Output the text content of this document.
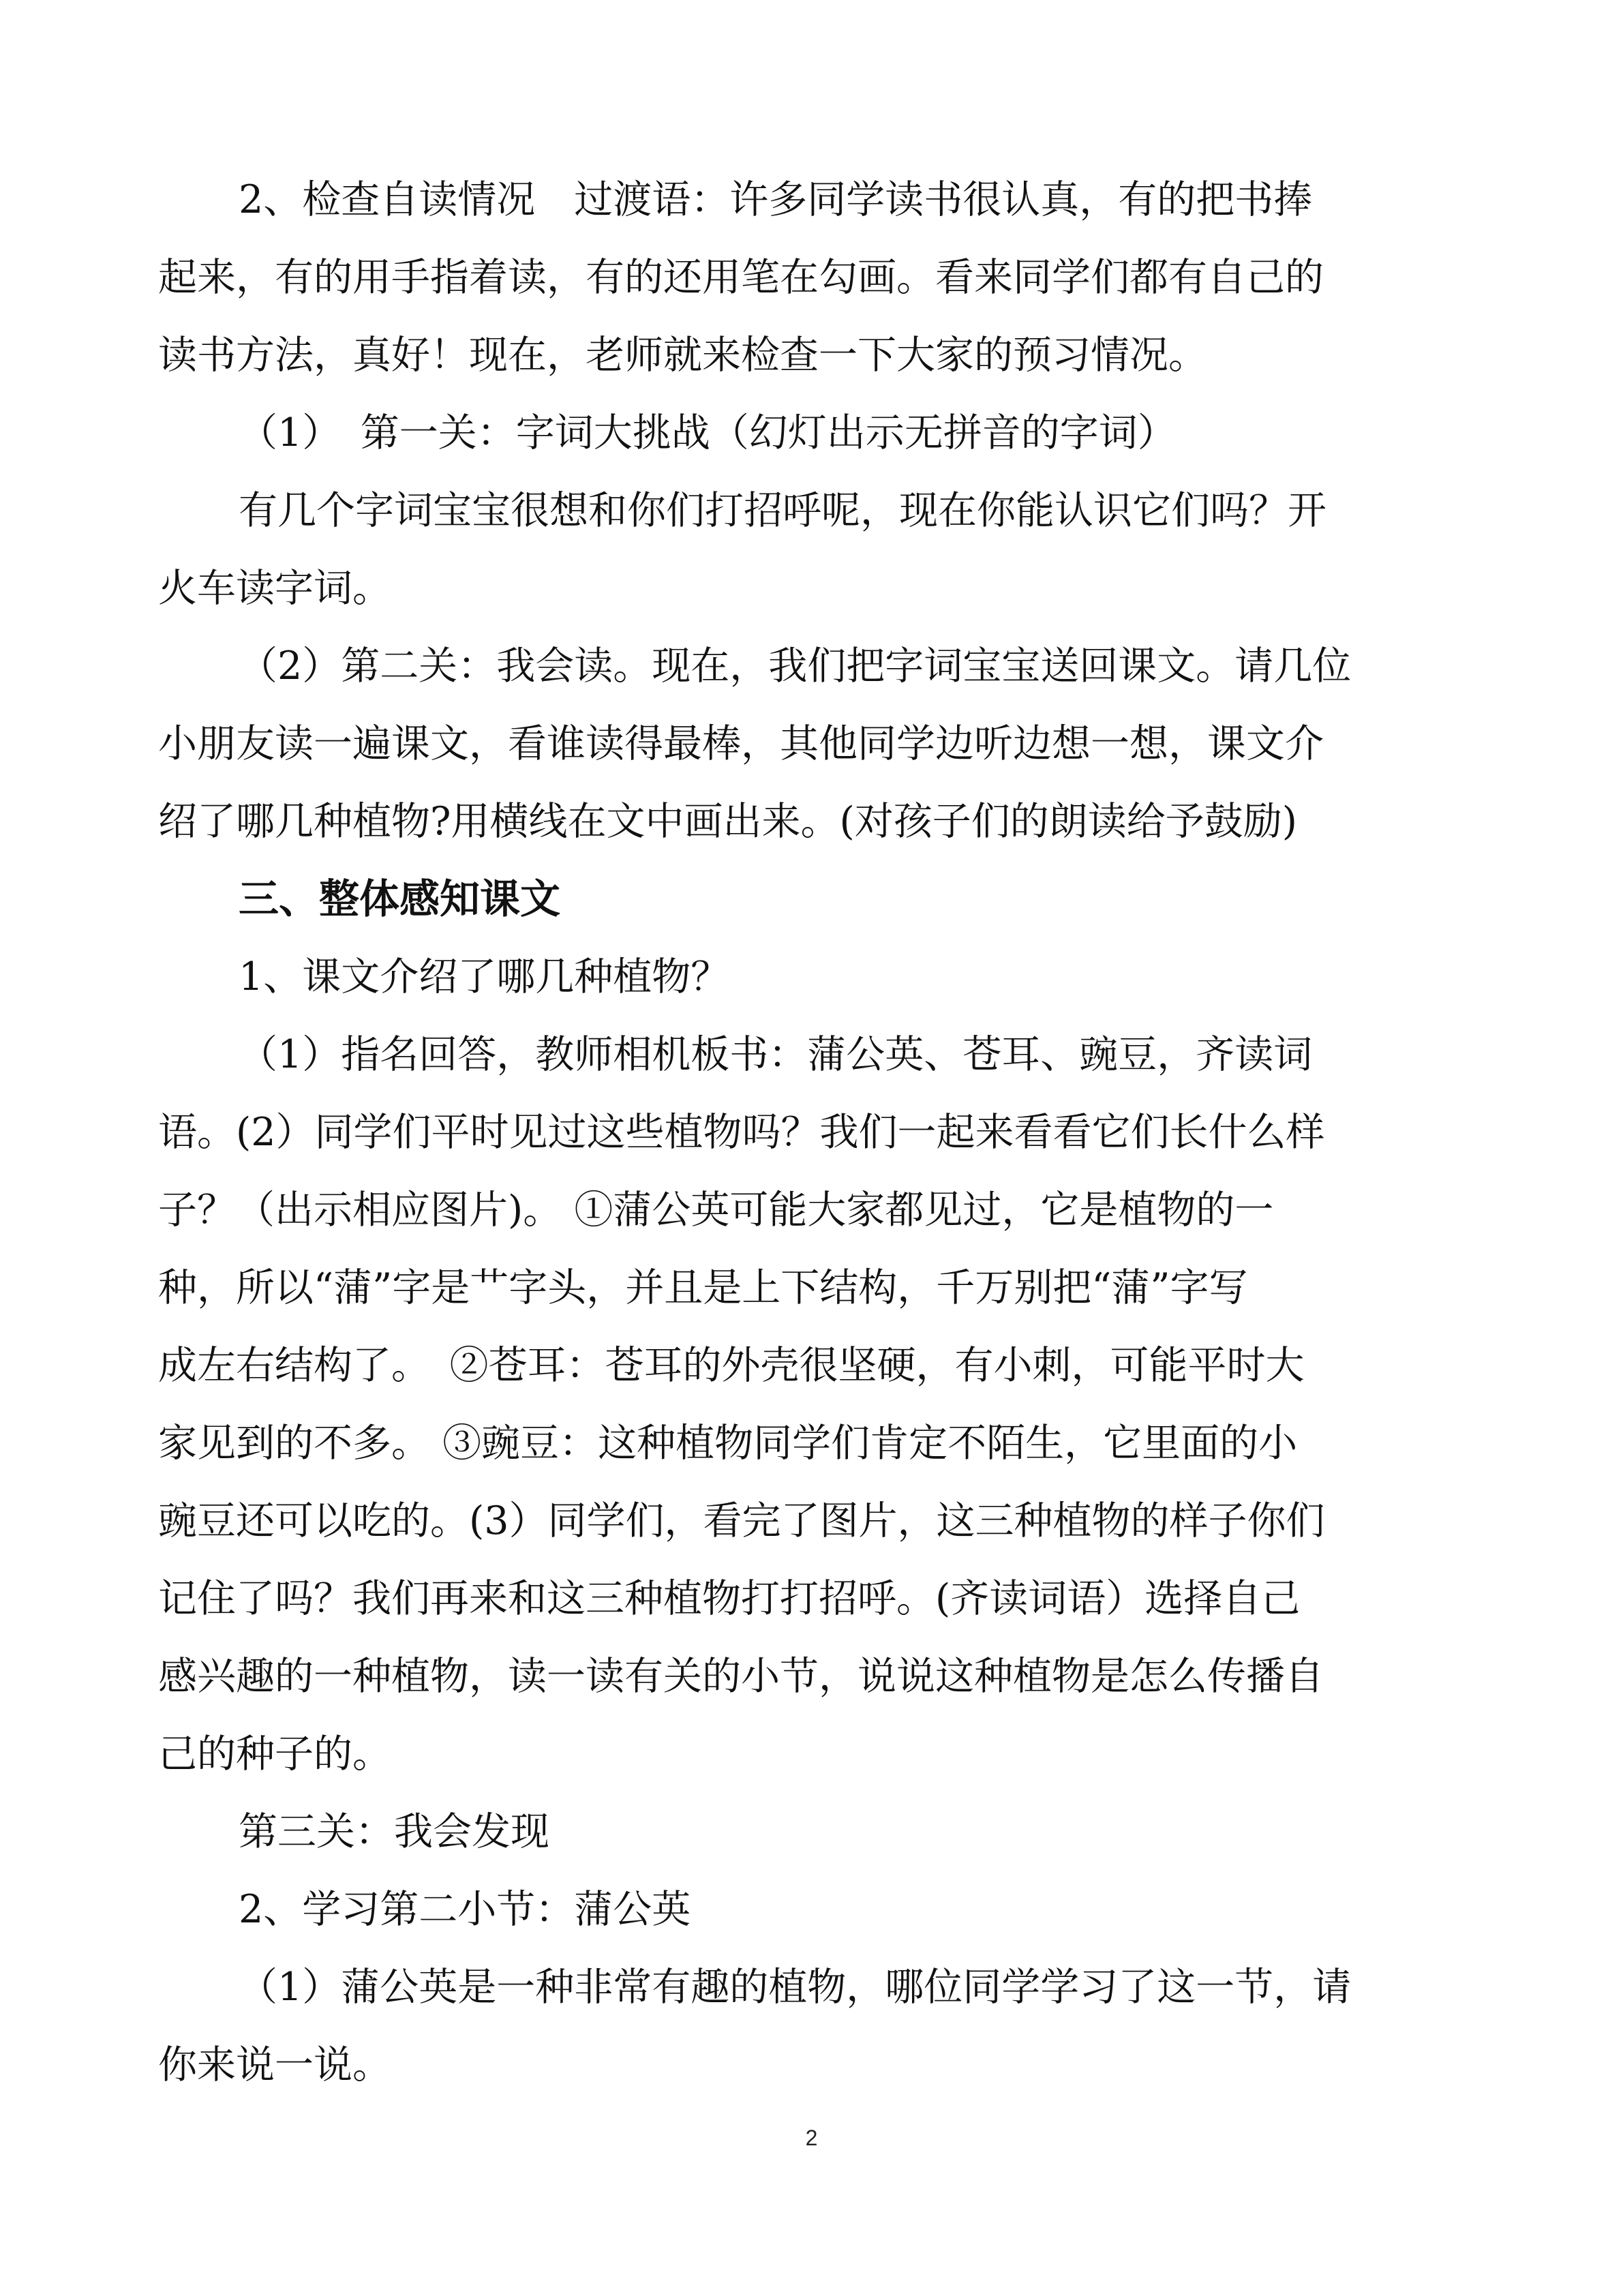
2、检查自读情况　过渡语：许多同学读书很认真，有的把书捧
起来，有的用手指着读，有的还用笔在勾画。看来同学们都有自己的
读书方法，真好！现在，老师就来检查一下大家的预习情况。
（1）　第一关：字词大挑战（幻灯出示无拼音的字词）
有几个字词宝宝很想和你们打招呼呢，现在你能认识它们吗？开
火车读字词。
（2）第二关：我会读。现在，我们把字词宝宝送回课文。请几位
小朋友读一遍课文，看谁读得最棒，其他同学边听边想一想，课文介
绍了哪几种植物?用横线在文中画出来。(对孩子们的朗读给予鼓励)
三、整体感知课文
1、课文介绍了哪几种植物？
（1）指名回答，教师相机板书：蒲公英、苍耳、豌豆，齐读词
语。(2）同学们平时见过这些植物吗？我们一起来看看它们长什么样
子？（出示相应图片)。 ①蒲公英可能大家都见过，它是植物的一
种，所以“蒲”字是艹字头，并且是上下结构，千万别把“蒲”字写
成左右结构了。　②苍耳：苍耳的外壳很坚硬，有小刺，可能平时大
家见到的不多。 ③豌豆：这种植物同学们肯定不陌生，它里面的小
豌豆还可以吃的。(3）同学们，看完了图片，这三种植物的样子你们
记住了吗？我们再来和这三种植物打打招呼。(齐读词语）选择自己
感兴趣的一种植物，读一读有关的小节，说说这种植物是怎么传播自
己的种子的。
第三关：我会发现
2、学习第二小节：蒲公英
（1）蒲公英是一种非常有趣的植物，哪位同学学习了这一节，请
你来说一说。
2
